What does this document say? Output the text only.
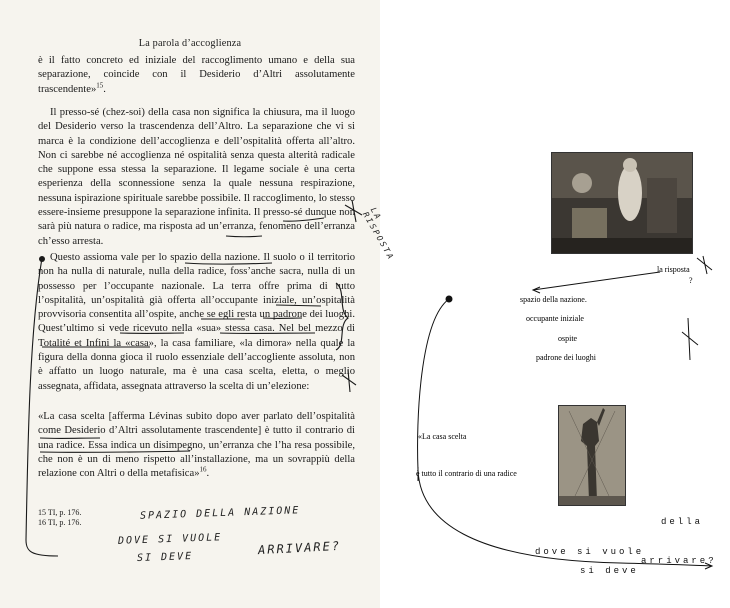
La parola d’accoglienza

è il fatto concreto ed iniziale del raccoglimento umano e della sua separazione, coincide con il Desiderio d’Altri assolutamente trascendente»$^{15}$.

Il presso-sé (chez-soi) della casa non significa la chiusura, ma il luogo del Desiderio verso la trascendenza dell’Altro. La separazione che vi si marca è la condizione dell’accoglienza e dell’ospitalità offerta all’altro. Non ci sarebbe né accoglienza né ospitalità senza questa alterità radicale che suppone essa stessa la separazione. Il legame sociale è una certa esperienza della sconnessione senza la quale nessuna respirazione, nessuna ispirazione spirituale sarebbe possibile. Il raccoglimento, lo stesso essere-insieme presuppone la separazione infinita. Il presso-sé dunque non sarà più natura o radice, ma risposta ad un’erranza, fenomeno dell’erranza ch’esso arresta.

Questo assioma vale per lo spazio della nazione. Il suolo o il territorio non ha nulla di naturale, nulla della radice, foss’anche sacra, nulla di un possesso per l’occupante nazionale. La terra offre prima di tutto l’ospitalità, un’ospitalità già offerta all’occupante iniziale, un’ospitalità provvisoria consentita all’ospite, anche se egli resta un padrone dei luoghi. Quest’ultimo si vede ricevuto nella «sua» stessa casa. Nel bel mezzo di Totalité et Infini la «casa», la casa familiare, «la dimora» nella quale la figura della donna gioca il ruolo essenziale dell’accogliente assoluta, non è affatto un luogo naturale, ma è una casa scelta, eletta, o meglio assegnata, affidata, assegnata attraverso la scelta di un’elezione:

«La casa scelta [afferma Lévinas subito dopo aver parlato dell’ospitalità come Desiderio d’Altri assolutamente trascendente] è tutto il contrario di una radice. Essa indica un disimpegno, un’erranza che l’ha resa possibile, che non è un di meno rispetto all’installazione, ma un sovrappiù della relazione con Altri o della metafisica»$^{16}$.

15 TI, p. 176.
16 TI, p. 176.
SPAZIO DELLA NAZIONE
DOVE SI VUOLE
SI DEVE
ARRIVARE?
LA RISPOSTA
la risposta
?
spazio della nazione.
occupante iniziale
ospite
padrone dei luoghi
«La casa scelta
è tutto il contrario di una radice
della
dove si vuole
arrivare?
si deve
